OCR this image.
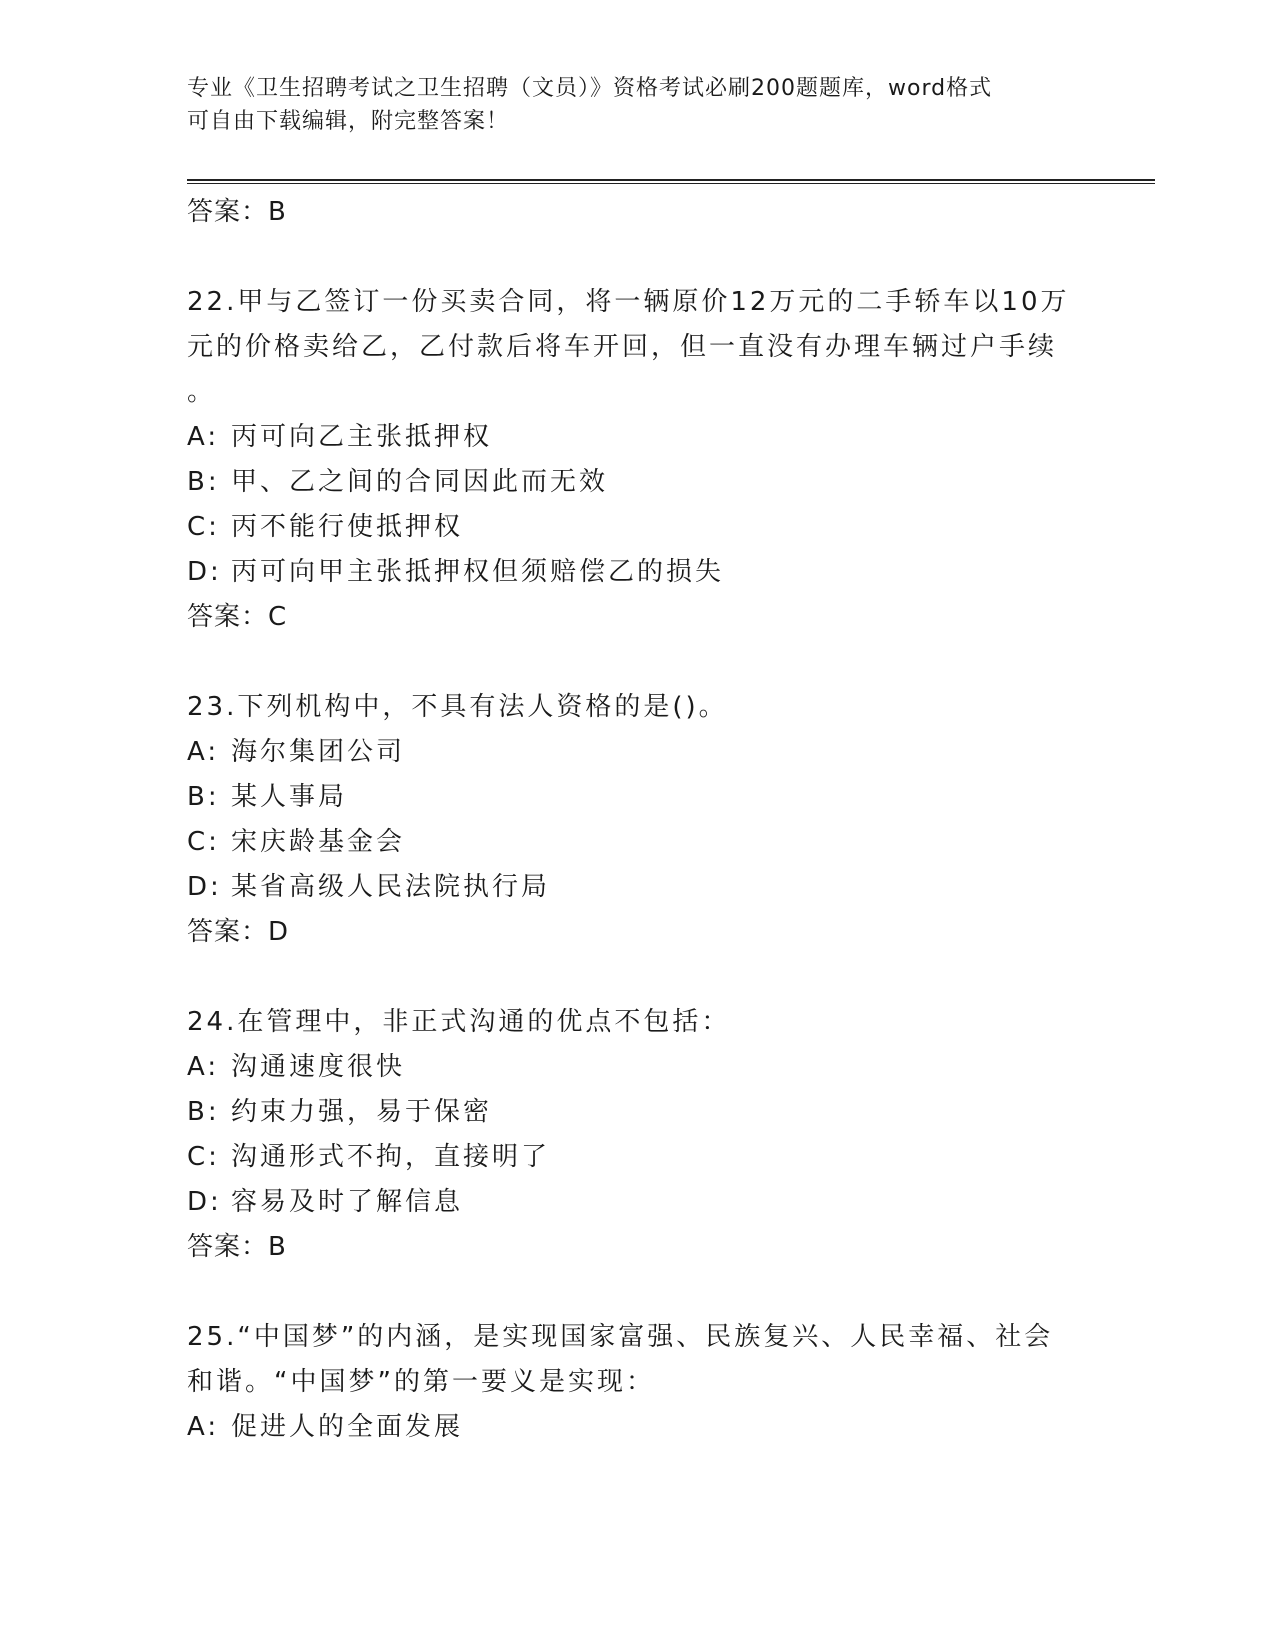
专业《卫生招聘考试之卫生招聘（文员）》资格考试必刷200题题库，word格式
可自由下载编辑，附完整答案！
答案：B
22.甲与乙签订一份买卖合同，将一辆原价12万元的二手轿车以10万
元的价格卖给乙，乙付款后将车开回，但一直没有办理车辆过户手续
。
A: 丙可向乙主张抵押权
B: 甲、乙之间的合同因此而无效
C: 丙不能行使抵押权
D: 丙可向甲主张抵押权但须赔偿乙的损失
答案：C
23.下列机构中，不具有法人资格的是()。
A: 海尔集团公司
B: 某人事局
C: 宋庆龄基金会
D: 某省高级人民法院执行局
答案：D
24.在管理中，非正式沟通的优点不包括：
A: 沟通速度很快
B: 约束力强，易于保密
C: 沟通形式不拘，直接明了
D: 容易及时了解信息
答案：B
25.“中国梦”的内涵，是实现国家富强、民族复兴、人民幸福、社会
和谐。“中国梦”的第一要义是实现：
A: 促进人的全面发展
